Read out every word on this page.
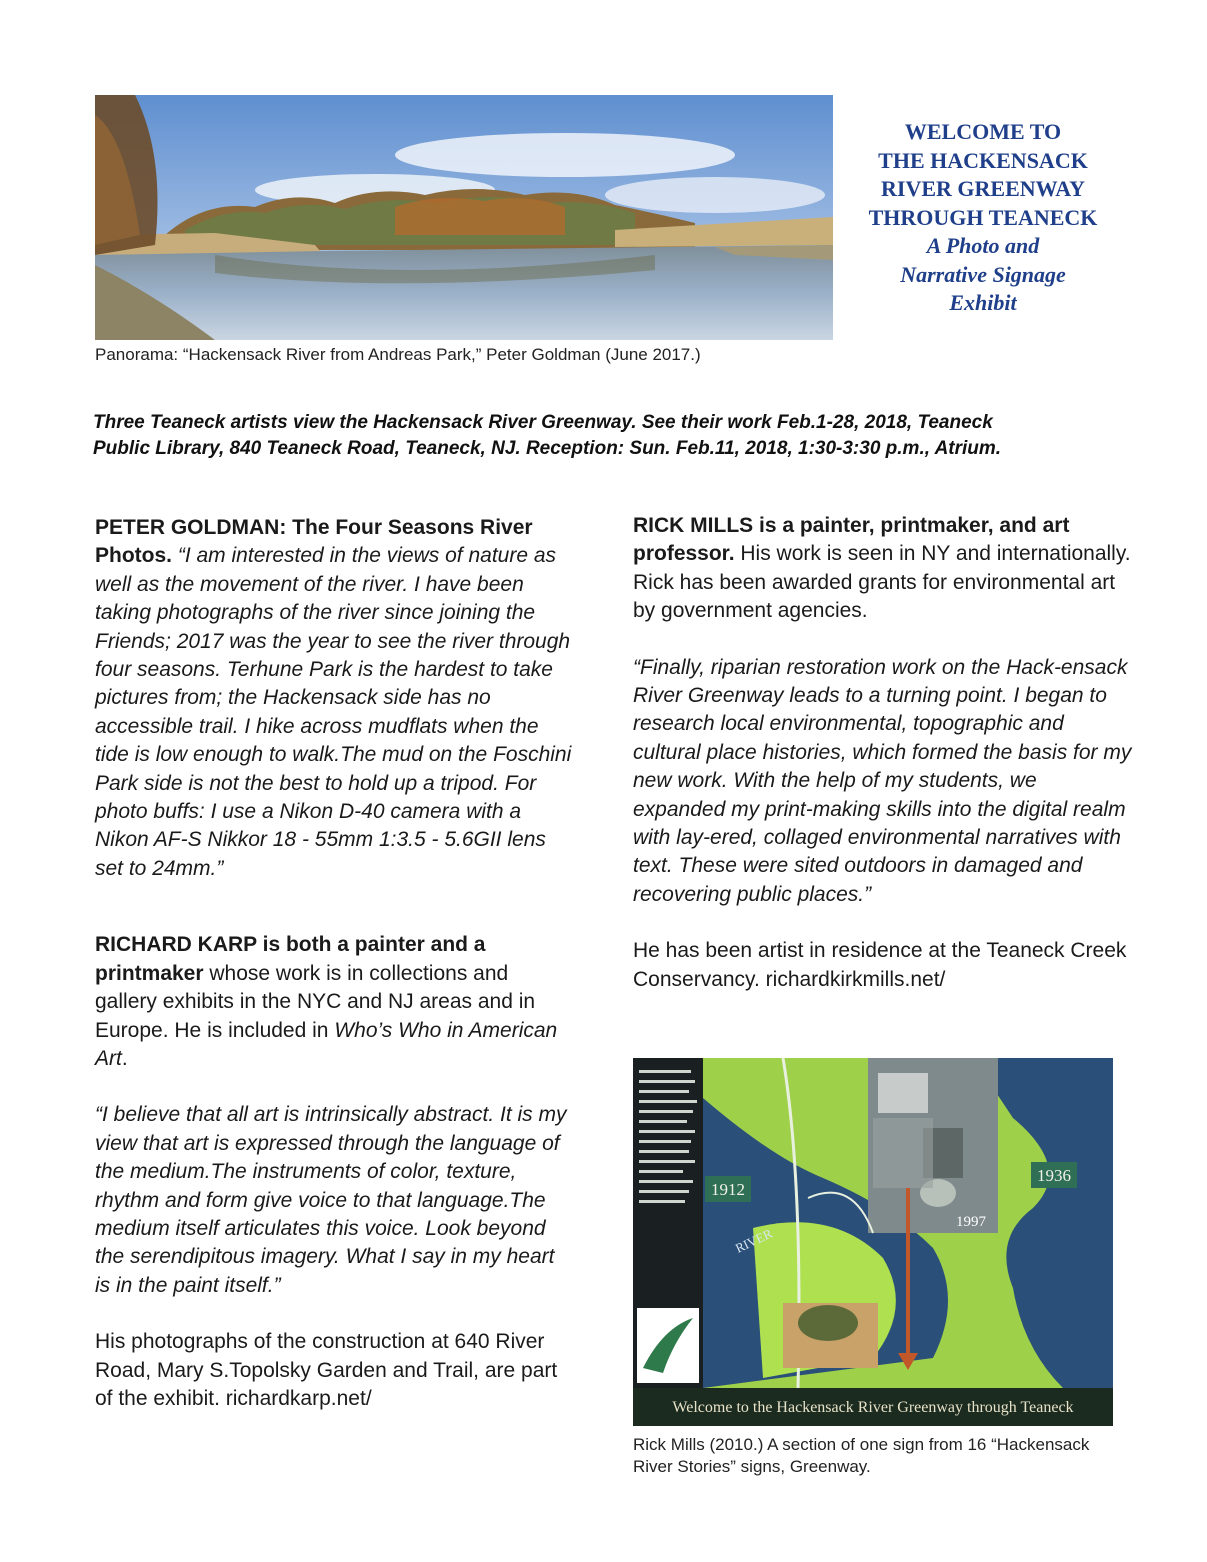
Panorama: “Hackensack River from Andreas Park,” Peter Goldman (June 2017.)
WELCOME TO
THE HACKENSACK
RIVER GREENWAY
THROUGH TEANECK
A Photo and
Narrative Signage
Exhibit
Three Teaneck artists view the Hackensack River Greenway. See their work Feb.1-28, 2018, Teaneck
Public Library, 840 Teaneck Road, Teaneck, NJ. Reception: Sun. Feb.11, 2018, 1:30-3:30 p.m., Atrium.

PETER GOLDMAN: The Four Seasons River Photos. “I am interested in the views of nature as well as the movement of the river. I have been taking photographs of the river since joining the Friends; 2017 was the year to see the river through four seasons. Terhune Park is the hardest to take pictures from; the Hackensack side has no accessible trail. I hike across mudflats when the tide is low enough to walk.The mud on the Foschini Park side is not the best to hold up a tripod. For photo buffs: I use a Nikon D-40 camera with a Nikon AF-S Nikkor 18 - 55mm 1:3.5 - 5.6GII lens set to 24mm.”

RICHARD KARP is both a painter and a printmaker whose work is in collections and gallery exhibits in the NYC and NJ areas and in Europe. He is included in Who’s Who in American Art.

“I believe that all art is intrinsically abstract. It is my view that art is expressed through the language of the medium.The instruments of color, texture, rhythm and form give voice to that language.The medium itself articulates this voice. Look beyond the serendipitous imagery. What I say in my heart is in the paint itself.”

His photographs of the construction at 640 River Road, Mary S.Topolsky Garden and Trail, are part of the exhibit. richardkarp.net/

RICK MILLS is a painter, printmaker, and art professor. His work is seen in NY and internationally. Rick has been awarded grants for environmental art by government agencies.

“Finally, riparian restoration work on the Hack-ensack River Greenway leads to a turning point. I began to research local environmental, topographic and cultural place histories, which formed the basis for my new work. With the help of my students, we expanded my print-making skills into the digital realm with lay-ered, collaged environmental narratives with text. These were sited outdoors in damaged and recovering public places.”

He has been artist in residence at the Teaneck Creek Conservancy. richardkirkmills.net/

1912
1936
1997
RIVER
Welcome to the Hackensack River Greenway through Teaneck
Rick Mills (2010.) A section of one sign from 16 “Hackensack River Stories” signs, Greenway.
